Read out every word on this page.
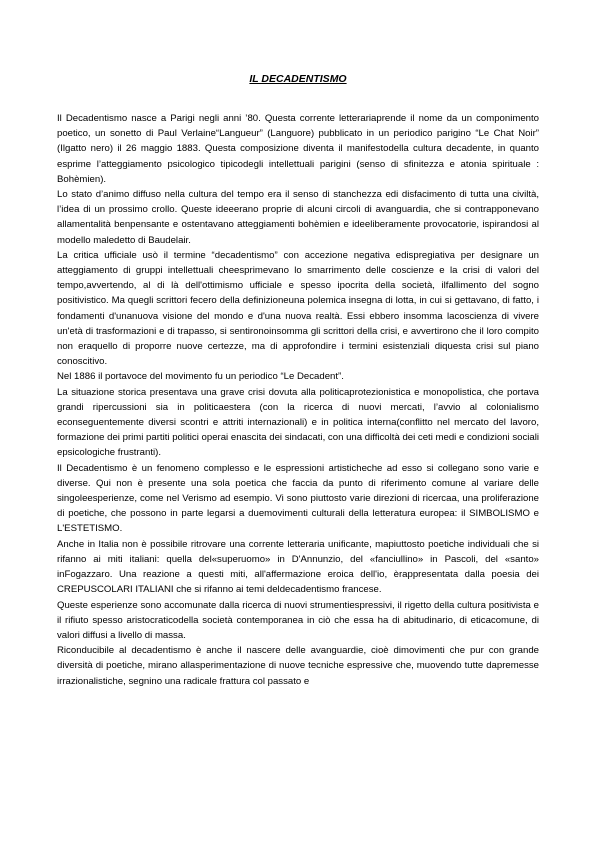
IL DECADENTISMO

Il Decadentismo nasce a Parigi negli anni ’80. Questa corrente letterariaprende il nome da un componimento poetico, un sonetto di Paul Verlaine“Langueur” (Languore) pubblicato in un periodico parigino “Le Chat Noir” (Ilgatto nero) il 26 maggio 1883. Questa composizione diventa il manifestodella cultura decadente, in quanto esprime l’atteggiamento psicologico tipicodegli intellettuali parigini (senso di sfinitezza e atonia spirituale : Bohèmien).

Lo stato d’animo diffuso nella cultura del tempo era il senso di stanchezza edi disfacimento di tutta una civiltà, l’idea di un prossimo crollo. Queste ideeerano proprie di alcuni circoli di avanguardia, che si contrapponevano allamentalità benpensante e ostentavano atteggiamenti bohèmien e ideeliberamente provocatorie, ispirandosi al modello maledetto di Baudelair.

La critica ufficiale usò il termine “decadentismo” con accezione negativa edispregiativa per designare un atteggiamento di gruppi intellettuali cheesprimevano lo smarrimento delle coscienze e la crisi di valori del tempo,avvertendo, al di là dell'ottimismo ufficiale e spesso ipocrita della società, ilfallimento del sogno positivistico. Ma quegli scrittori fecero della definizioneuna polemica insegna di lotta, in cui si gettavano, di fatto, i fondamenti d'unanuova visione del mondo e d'una nuova realtà. Essi ebbero insomma lacoscienza di vivere un'età di trasformazioni e di trapasso, si sentironoinsomma gli scrittori della crisi, e avvertirono che il loro compito non eraquello di proporre nuove certezze, ma di approfondire i termini esistenziali diquesta crisi sul piano conoscitivo.

Nel 1886 il portavoce del movimento fu un periodico “Le Decadent”.

La situazione storica presentava una grave crisi dovuta alla politicaprotezionistica e monopolistica, che portava grandi ripercussioni sia in politicaestera (con la ricerca di nuovi mercati, l’avvio al colonialismo econseguentemente diversi scontri e attriti internazionali) e in politica interna(conflitto nel mercato del lavoro, formazione dei primi partiti politici operai enascita dei sindacati, con una difficoltà dei ceti medi e condizioni sociali epsicologiche frustranti).

Il Decadentismo è un fenomeno complesso e le espressioni artisticheche ad esso si collegano sono varie e diverse. Qui non è presente una sola poetica che faccia da punto di riferimento comune al variare delle singoleesperienze, come nel Verismo ad esempio. Vi sono piuttosto varie direzioni di ricercaa, una proliferazione di poetiche, che possono in parte legarsi a duemovimenti culturali della letteratura europea: il SIMBOLISMO e L'ESTETISMO.

Anche in Italia non è possibile ritrovare una corrente letteraria unificante, mapiuttosto poetiche individuali che si rifanno ai miti italiani: quella del«superuomo» in D'Annunzio, del «fanciullino» in Pascoli, del «santo» inFogazzaro. Una reazione a questi miti, all'affermazione eroica dell'io, èrappresentata dalla poesia dei CREPUSCOLARI ITALIANI che si rifanno ai temi deldecadentismo francese.

Queste esperienze sono accomunate dalla ricerca di nuovi strumentiespressivi, il rigetto della cultura positivista e il rifiuto spesso aristocraticodella società contemporanea in ciò che essa ha di abitudinario, di eticacomune, di valori diffusi a livello di massa.

Riconducibile al decadentismo è anche il nascere delle avanguardie, cioè dimovimenti che pur con grande diversità di poetiche, mirano allasperimentazione di nuove tecniche espressive che, muovendo tutte dapremesse irrazionalistiche, segnino una radicale frattura col passato e
